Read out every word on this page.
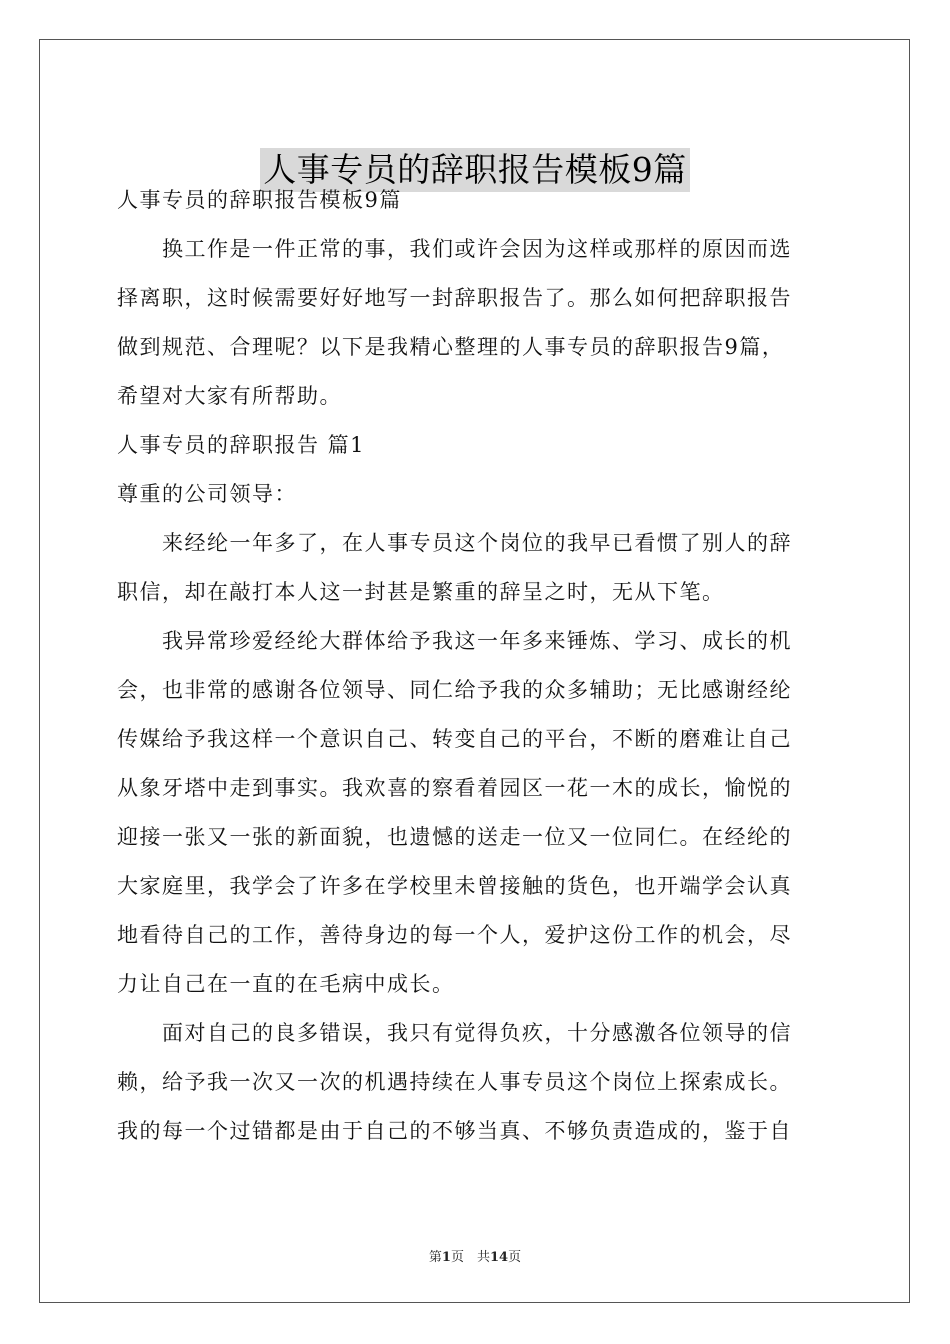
人事专员的辞职报告模板9篇
人事专员的辞职报告模板9篇
　　换工作是一件正常的事，我们或许会因为这样或那样的原因而选
择离职，这时候需要好好地写一封辞职报告了。那么如何把辞职报告
做到规范、合理呢？以下是我精心整理的人事专员的辞职报告9篇，
希望对大家有所帮助。
人事专员的辞职报告 篇1
尊重的公司领导：
　　来经纶一年多了，在人事专员这个岗位的我早已看惯了别人的辞
职信，却在敲打本人这一封甚是繁重的辞呈之时，无从下笔。
　　我异常珍爱经纶大群体给予我这一年多来锤炼、学习、成长的机
会，也非常的感谢各位领导、同仁给予我的众多辅助；无比感谢经纶
传媒给予我这样一个意识自己、转变自己的平台，不断的磨难让自己
从象牙塔中走到事实。我欢喜的察看着园区一花一木的成长，愉悦的
迎接一张又一张的新面貌，也遗憾的送走一位又一位同仁。在经纶的
大家庭里，我学会了许多在学校里未曾接触的货色，也开端学会认真
地看待自己的工作，善待身边的每一个人，爱护这份工作的机会，尽
力让自己在一直的在毛病中成长。
　　面对自己的良多错误，我只有觉得负疚，十分感激各位领导的信
赖，给予我一次又一次的机遇持续在人事专员这个岗位上探索成长。
我的每一个过错都是由于自己的不够当真、不够负责造成的，鉴于自
第1页　共14页
